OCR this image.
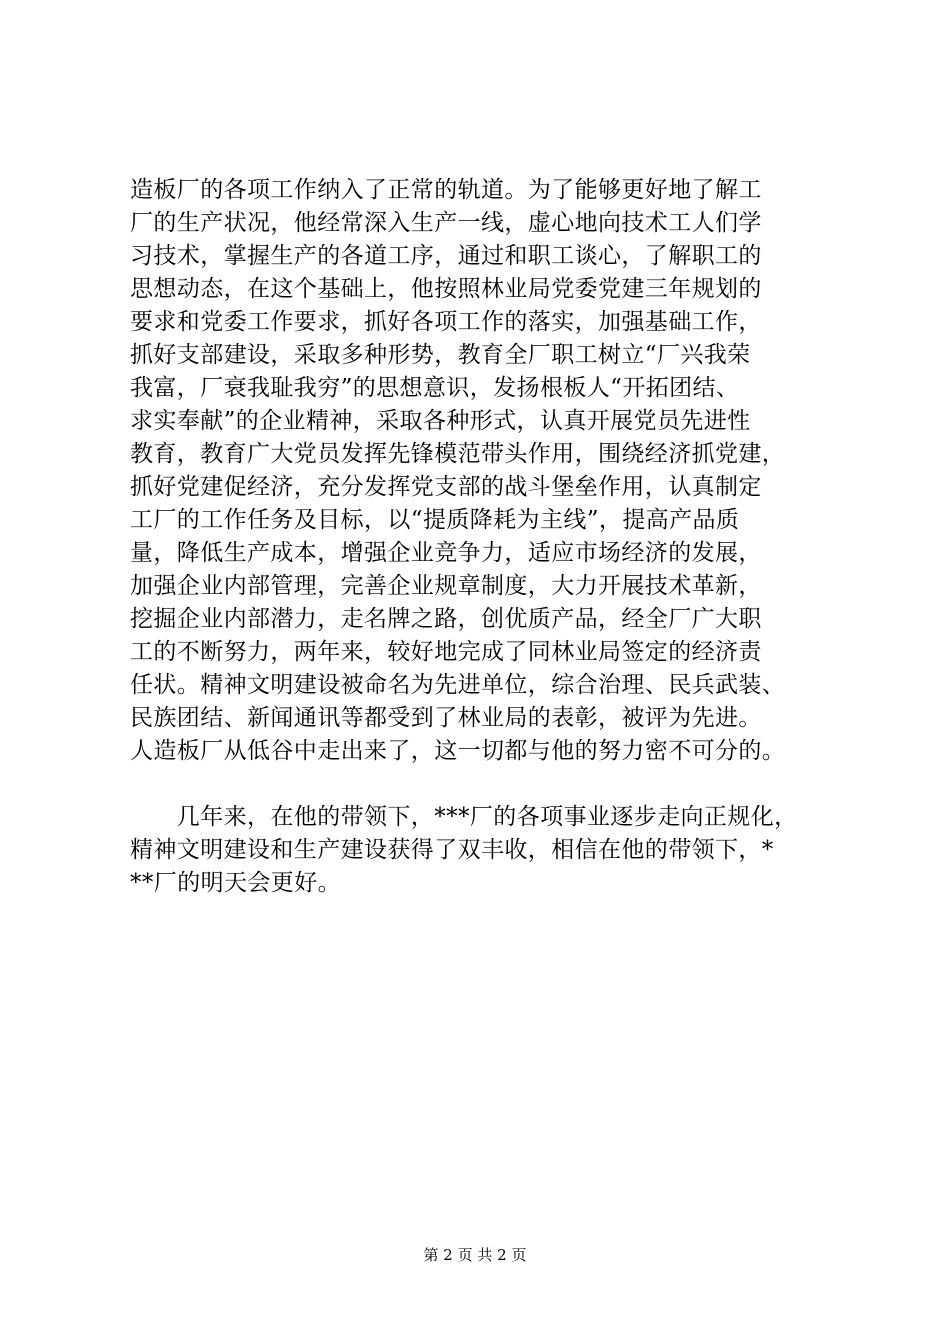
造板厂的各项工作纳入了正常的轨道。为了能够更好地了解工
厂的生产状况，他经常深入生产一线，虚心地向技术工人们学
习技术，掌握生产的各道工序，通过和职工谈心，了解职工的
思想动态，在这个基础上，他按照林业局党委党建三年规划的
要求和党委工作要求，抓好各项工作的落实，加强基础工作，
抓好支部建设，采取多种形势，教育全厂职工树立“厂兴我荣
我富，厂衰我耻我穷”的思想意识，发扬根板人“开拓团结、
求实奉献”的企业精神，采取各种形式，认真开展党员先进性
教育，教育广大党员发挥先锋模范带头作用，围绕经济抓党建，
抓好党建促经济，充分发挥党支部的战斗堡垒作用，认真制定
工厂的工作任务及目标，以“提质降耗为主线”，提高产品质
量，降低生产成本，增强企业竞争力，适应市场经济的发展，
加强企业内部管理，完善企业规章制度，大力开展技术革新，
挖掘企业内部潜力，走名牌之路，创优质产品，经全厂广大职
工的不断努力，两年来，较好地完成了同林业局签定的经济责
任状。精神文明建设被命名为先进单位，综合治理、民兵武装、
民族团结、新闻通讯等都受到了林业局的表彰，被评为先进。
人造板厂从低谷中走出来了，这一切都与他的努力密不可分的。
　　几年来，在他的带领下，***厂的各项事业逐步走向正规化，
精神文明建设和生产建设获得了双丰收，相信在他的带领下，*
**厂的明天会更好。
第 2 页 共 2 页
